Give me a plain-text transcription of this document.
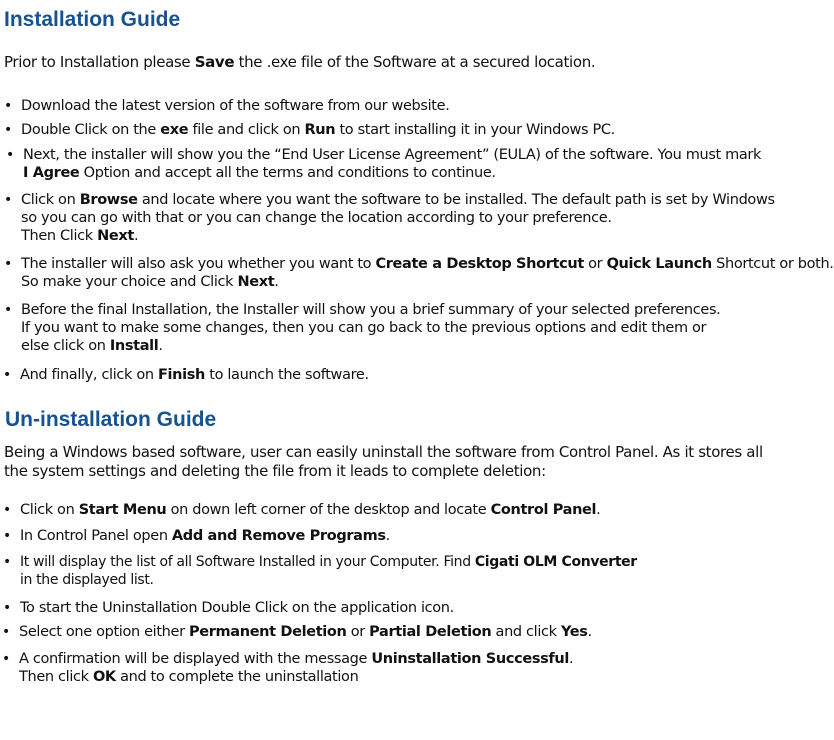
Installation Guide

Prior to Installation please Save the .exe file of the Software at a secured location.

• Download the latest version of the software from our website.
• Double Click on the exe file and click on Run to start installing it in your Windows PC.
• Next, the installer will show you the “End User License Agreement” (EULA) of the software. You must mark
I Agree Option and accept all the terms and conditions to continue.
• Click on Browse and locate where you want the software to be installed. The default path is set by Windows
so you can go with that or you can change the location according to your preference.
Then Click Next.
• The installer will also ask you whether you want to Create a Desktop Shortcut or Quick Launch Shortcut or both.
So make your choice and Click Next.
• Before the final Installation, the Installer will show you a brief summary of your selected preferences.
If you want to make some changes, then you can go back to the previous options and edit them or
else click on Install.
• And finally, click on Finish to launch the software.
Un-installation Guide

Being a Windows based software, user can easily uninstall the software from Control Panel. As it stores all
the system settings and deleting the file from it leads to complete deletion:

• Click on Start Menu on down left corner of the desktop and locate Control Panel.
• In Control Panel open Add and Remove Programs.
• It will display the list of all Software Installed in your Computer. Find Cigati OLM Converter
in the displayed list.
• To start the Uninstallation Double Click on the application icon.
• Select one option either Permanent Deletion or Partial Deletion and click Yes.
• A confirmation will be displayed with the message Uninstallation Successful.
Then click OK and to complete the uninstallation
